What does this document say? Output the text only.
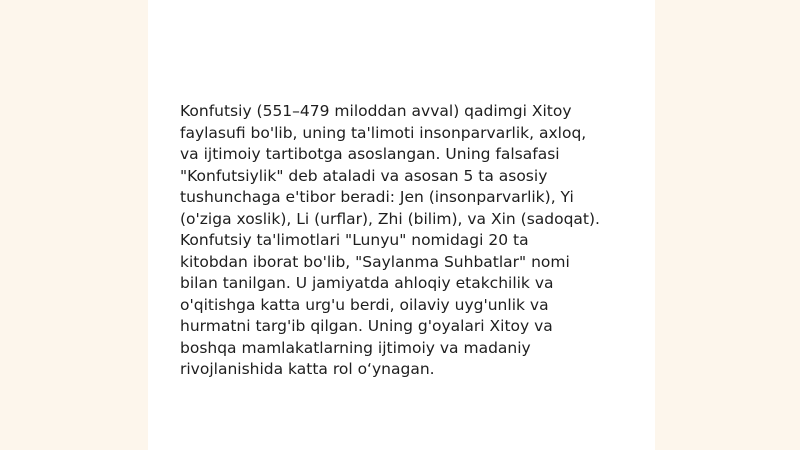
Konfutsiy (551–479 miloddan avval) qadimgi Xitoy
faylasufi bo'lib, uning ta'limoti insonparvarlik, axloq,
va ijtimoiy tartibotga asoslangan. Uning falsafasi
"Konfutsiylik" deb ataladi va asosan 5 ta asosiy
tushunchaga e'tibor beradi: Jen (insonparvarlik), Yi
(o'ziga xoslik), Li (urflar), Zhi (bilim), va Xin (sadoqat).
Konfutsiy ta'limotlari "Lunyu" nomidagi 20 ta
kitobdan iborat bo'lib, "Saylanma Suhbatlar" nomi
bilan tanilgan. U jamiyatda ahloqiy etakchilik va
o'qitishga katta urg'u berdi, oilaviy uyg'unlik va
hurmatni targ'ib qilgan. Uning g'oyalari Xitoy va
boshqa mamlakatlarning ijtimoiy va madaniy
rivojlanishida katta rol o‘ynagan.
